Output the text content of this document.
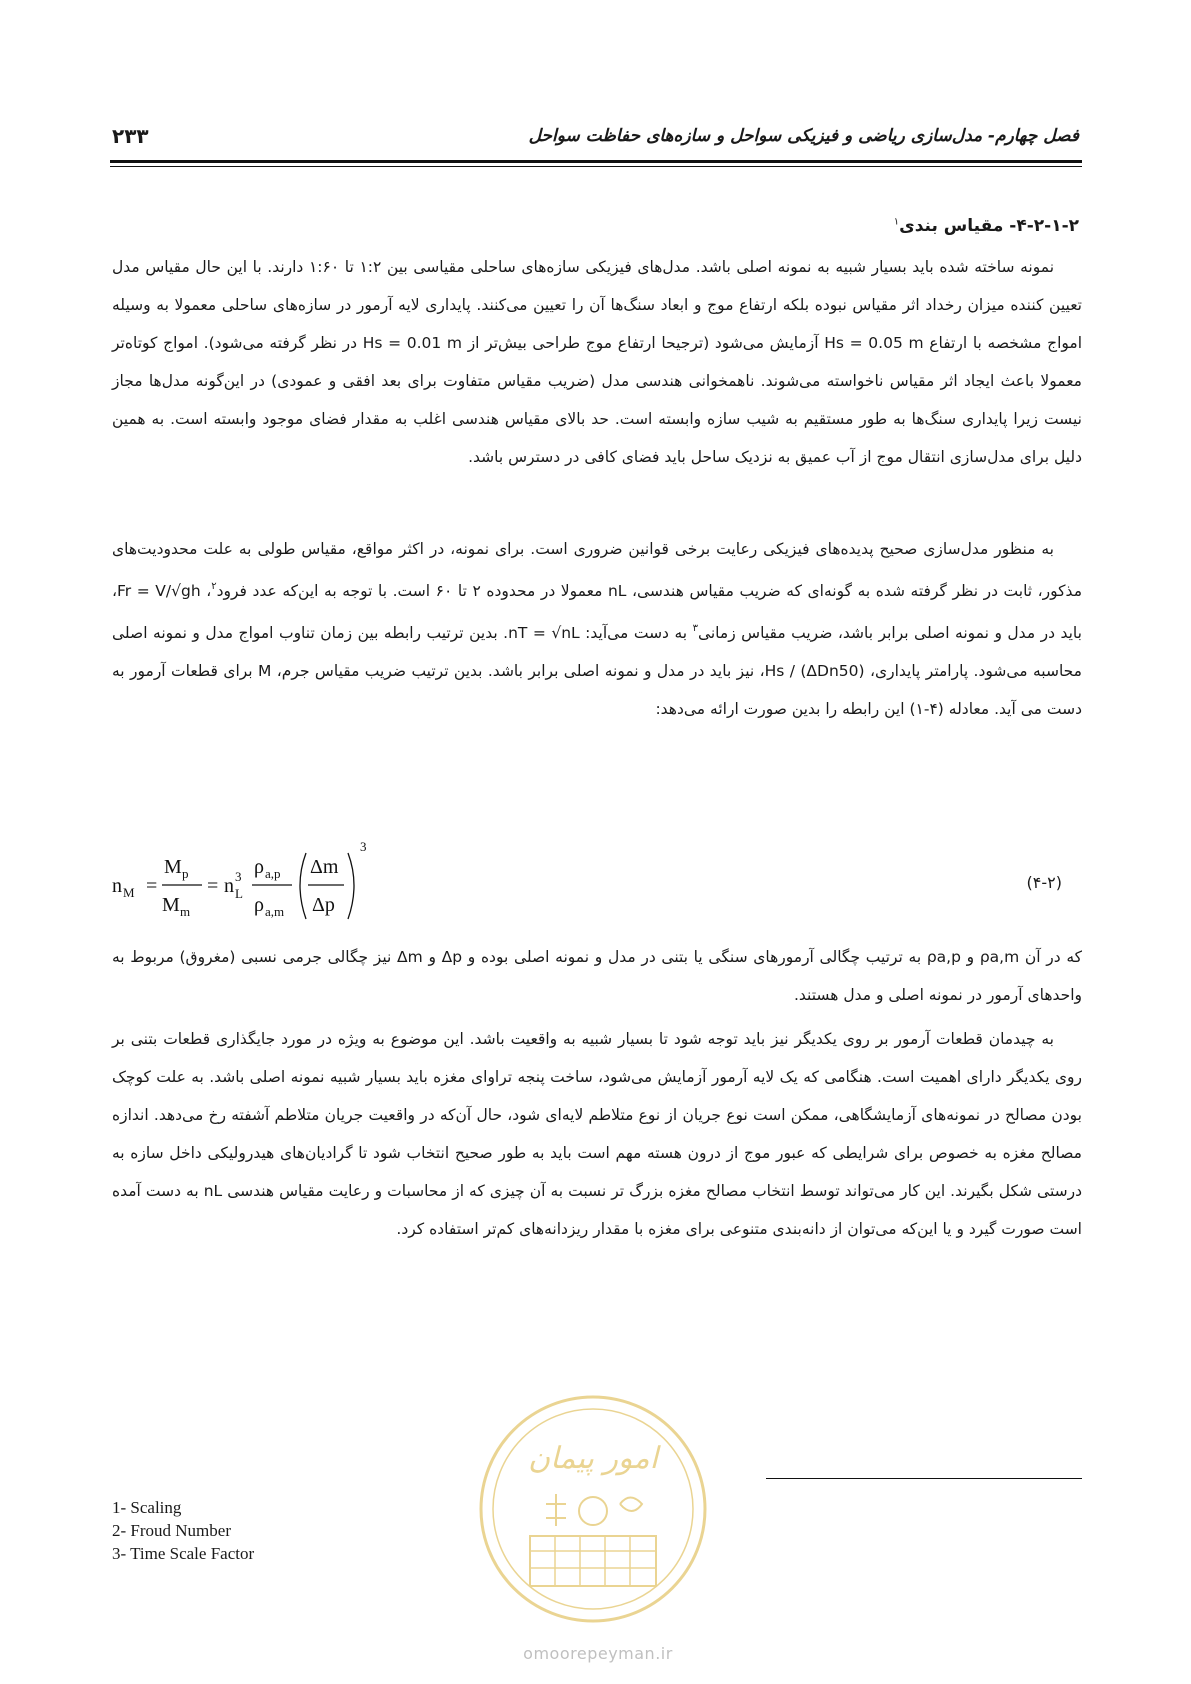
فصل چهارم- مدل‌سازی ریاضی و فیزیکی سواحل و سازه‌های حفاظت سواحل
۲۳۳
۴-۲-۱-۲- مقیاس بندی$^۱$

نمونه ساخته شده باید بسیار شبیه به نمونه اصلی باشد. مدل‌های فیزیکی سازه‌های ساحلی مقیاسی بین ۱:۲ تا ۱:۶۰ دارند. با این حال مقیاس مدل تعیین کننده میزان رخداد اثر مقیاس نبوده بلکه ارتفاع موج و ابعاد سنگ‌ها آن را تعیین می‌کنند. پایداری لایه آرمور در سازه‌های ساحلی معمولا به وسیله امواج مشخصه با ارتفاع Hs = 0.05 m آزمایش می‌شود (ترجیحا ارتفاع موج طراحی بیش‌تر از Hs = 0.01 m در نظر گرفته می‌شود). امواج کوتاه‌تر معمولا باعث ایجاد اثر مقیاس ناخواسته می‌شوند. ناهمخوانی هندسی مدل (ضریب مقیاس متفاوت برای بعد افقی و عمودی) در این‌گونه مدل‌ها مجاز نیست زیرا پایداری سنگ‌ها به طور مستقیم به شیب سازه وابسته است. حد بالای مقیاس هندسی اغلب به مقدار فضای موجود وابسته است. به همین دلیل برای مدل‌سازی انتقال موج از آب عمیق به نزدیک ساحل باید فضای کافی در دسترس باشد.

به منظور مدل‌سازی صحیح پدیده‌های فیزیکی رعایت برخی قوانین ضروری است. برای نمونه، در اکثر مواقع، مقیاس طولی به علت محدودیت‌های مذکور، ثابت در نظر گرفته شده به گونه‌ای که ضریب مقیاس هندسی، nL معمولا در محدوده ۲ تا ۶۰ است. با توجه به این‌که عدد فرود$^۲$، Fr = V/√gh، باید در مدل و نمونه اصلی برابر باشد، ضریب مقیاس زمانی$^۳$ به دست می‌آید: nT = √nL. بدین ترتیب رابطه بین زمان تناوب امواج مدل و نمونه اصلی محاسبه می‌شود. پارامتر پایداری، Hs / (ΔDn50)، نیز باید در مدل و نمونه اصلی برابر باشد. بدین ترتیب ضریب مقیاس جرم، M برای قطعات آرمور به دست می آید. معادله (۴-۱) این رابطه را بدین صورت ارائه می‌دهد:

n M =
M p
M m
= n 3
L
ρ a,p
ρ a,m
Δm
Δp
3
(۴-۲)

که در آن ρa,m و ρa,p به ترتیب چگالی آرمورهای سنگی یا بتنی در مدل و نمونه اصلی بوده و Δp و Δm نیز چگالی جرمی نسبی (مغروق) مربوط به واحدهای آرمور در نمونه اصلی و مدل هستند.

به چیدمان قطعات آرمور بر روی یکدیگر نیز باید توجه شود تا بسیار شبیه به واقعیت باشد. این موضوع به ویژه در مورد جایگذاری قطعات بتنی بر روی یکدیگر دارای اهمیت است. هنگامی که یک لایه آرمور آزمایش می‌شود، ساخت پنجه تراوای مغزه باید بسیار شبیه نمونه اصلی باشد. به علت کوچک بودن مصالح در نمونه‌های آزمایشگاهی، ممکن است نوع جریان از نوع متلاطم لایه‌ای شود، حال آن‌که در واقعیت جریان متلاطم آشفته رخ می‌دهد. اندازه مصالح مغزه به خصوص برای شرایطی که عبور موج از درون هسته مهم است باید به طور صحیح انتخاب شود تا گرادیان‌های هیدرولیکی داخل سازه به درستی شکل بگیرند. این کار می‌تواند توسط انتخاب مصالح مغزه بزرگ تر نسبت به آن چیزی که از محاسبات و رعایت مقیاس هندسی nL به دست آمده است صورت گیرد و یا این‌که می‌توان از دانه‌بندی متنوعی برای مغزه با مقدار ریزدانه‌های کم‌تر استفاده کرد.

امور پیمان
omoorepeyman.ir
1- Scaling
2- Froud Number
3- Time Scale Factor
